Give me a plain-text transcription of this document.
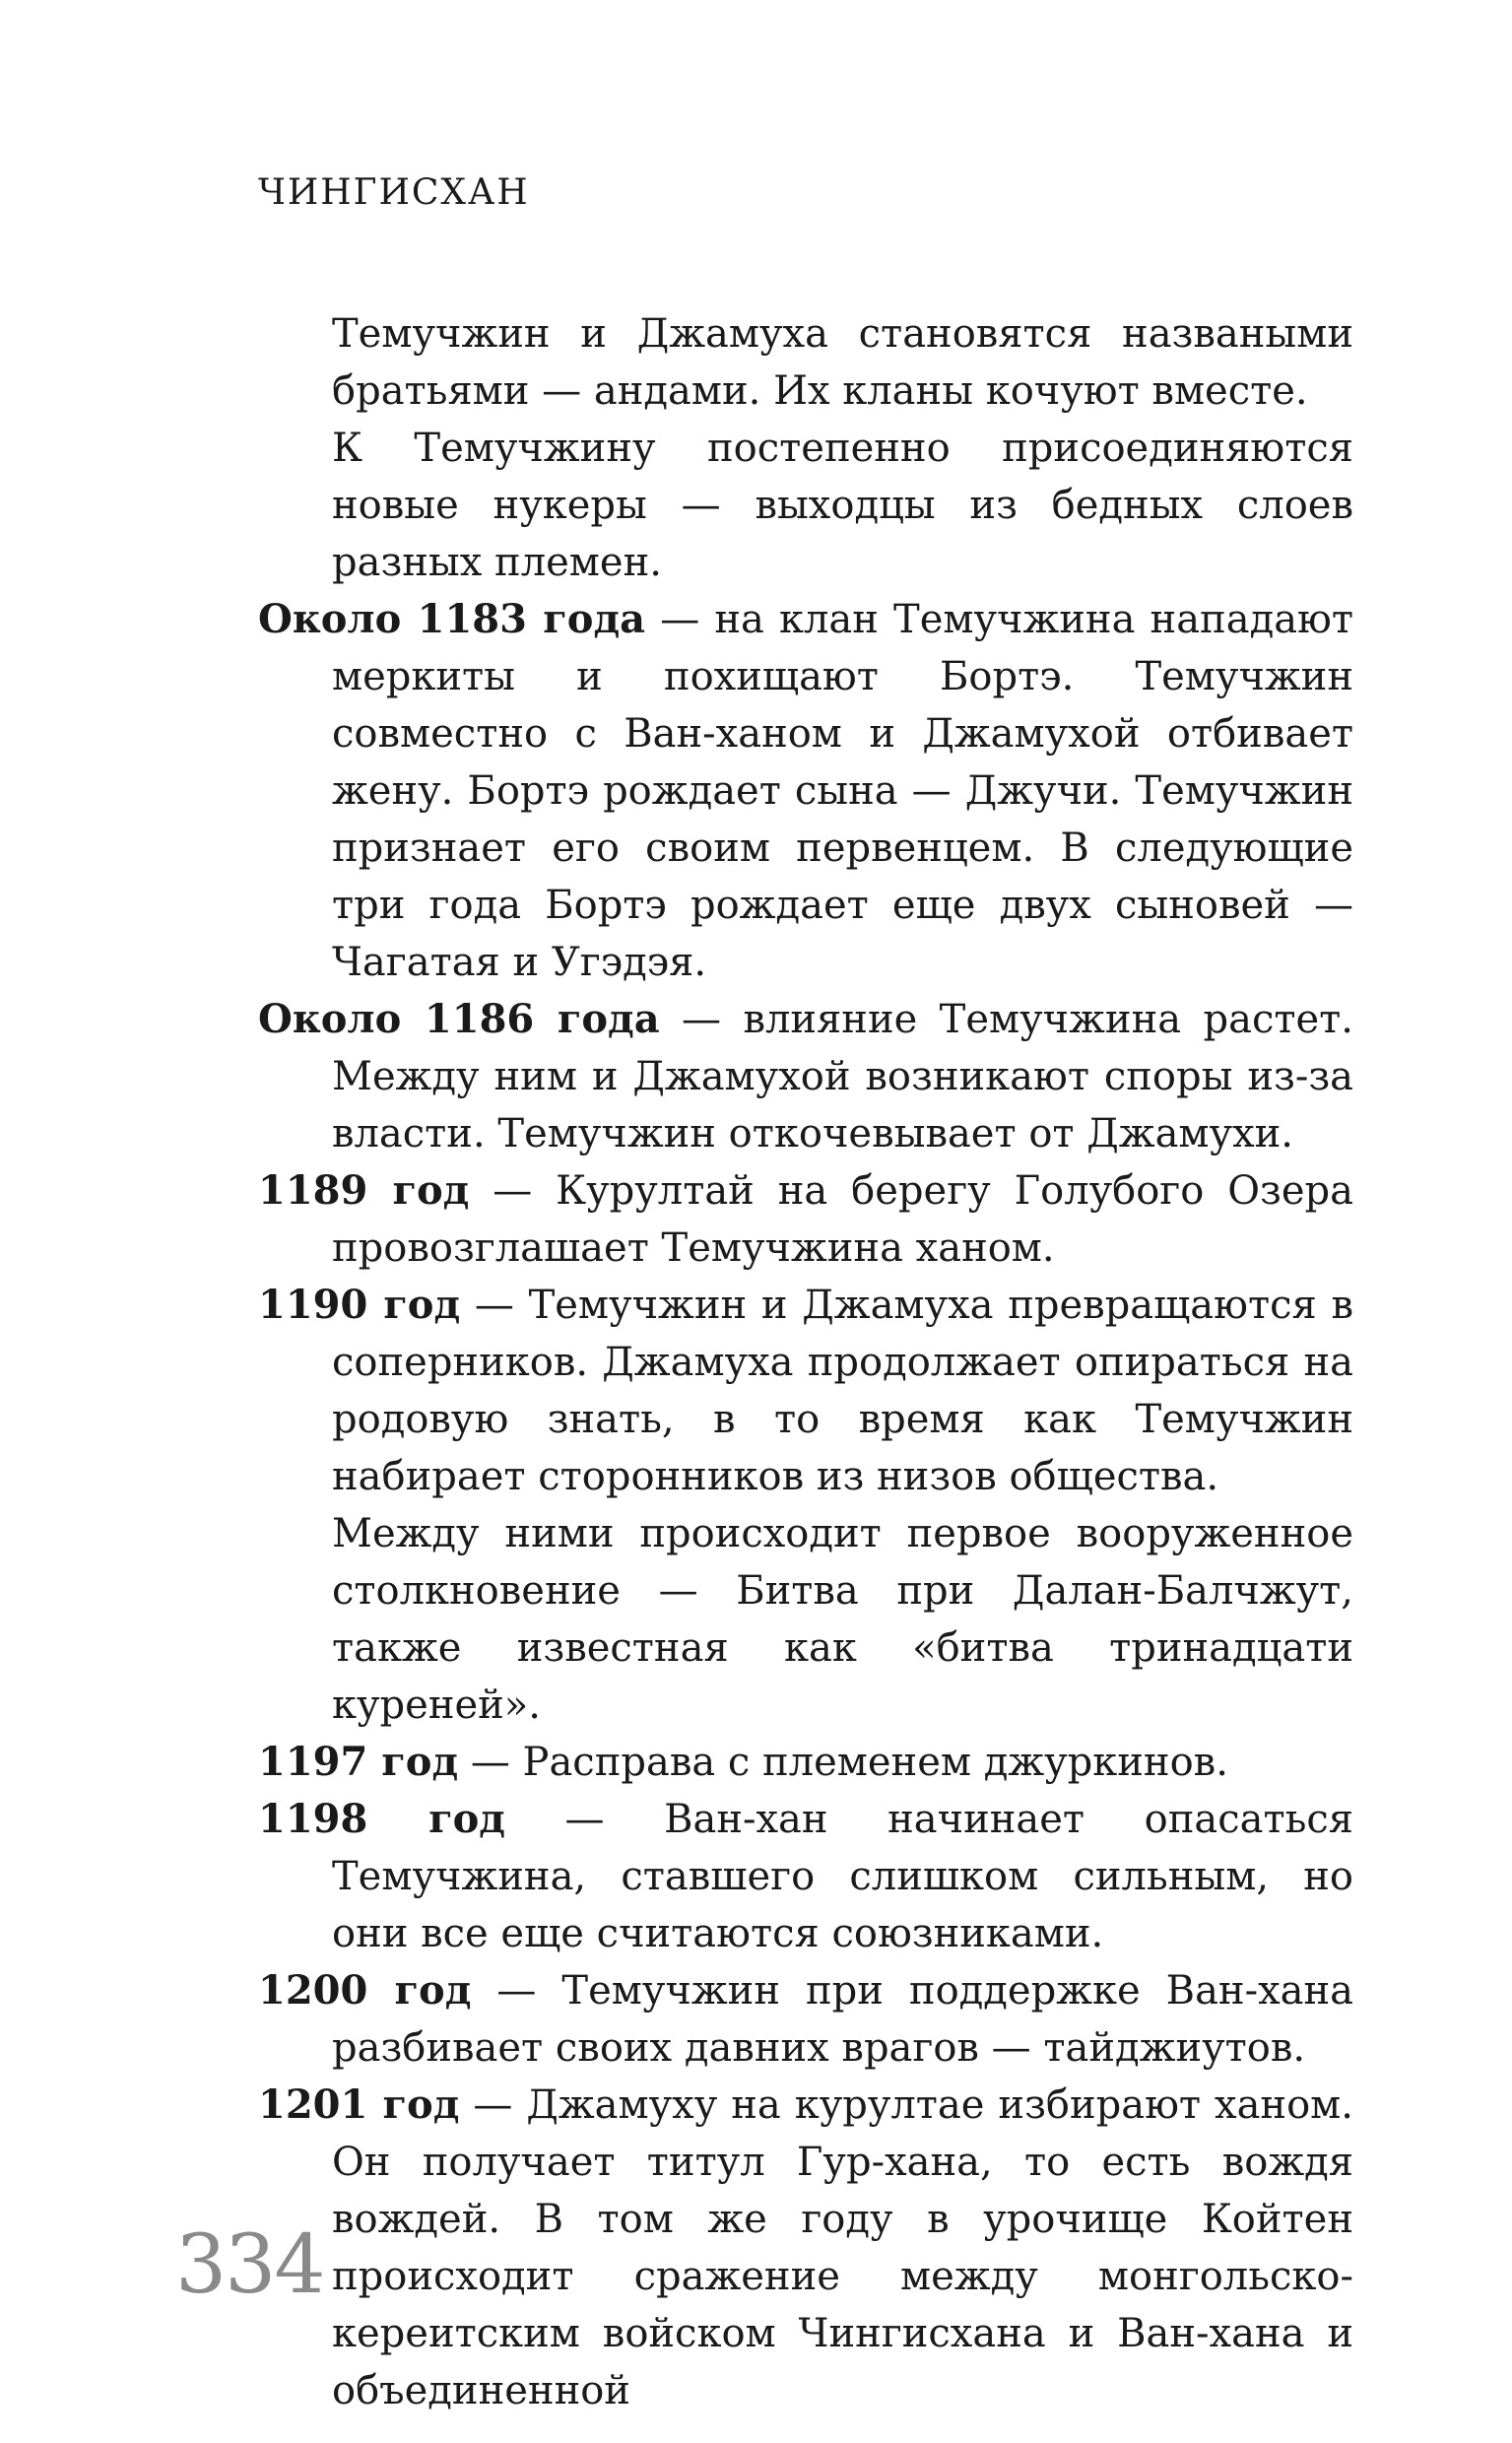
ЧИНГИСХАН

Темучжин и Джамуха становятся назваными братьями — андами. Их кланы кочуют вместе.

К Темучжину постепенно присоединяются новые нукеры — выходцы из бедных слоев разных племен.

Около 1183 года — на клан Темучжина нападают меркиты и похищают Бортэ. Темучжин совместно с Ван-ханом и Джамухой отбивает жену. Бортэ рождает сына — Джучи. Темучжин признает его своим первенцем. В следующие три года Бортэ рождает еще двух сыновей — Чагатая и Угэдэя.

Около 1186 года — влияние Темучжина растет. Между ним и Джамухой возникают споры из-за власти. Темучжин откочевывает от Джамухи.

1189 год — Курултай на берегу Голубого Озера провозглашает Темучжина ханом.

1190 год — Темучжин и Джамуха превращаются в соперников. Джамуха продолжает опираться на родовую знать, в то время как Темучжин набирает сторонников из низов общества.

Между ними происходит первое вооруженное столкновение — Битва при Далан-Балчжут, также известная как «битва тринадцати куреней».

1197 год — Расправа с племенем джуркинов.

1198 год — Ван-хан начинает опасаться Темучжина, ставшего слишком сильным, но они все еще считаются союзниками.

1200 год — Темучжин при поддержке Ван-хана разбивает своих давних врагов — тайджиутов.

1201 год — Джамуху на курултае избирают ханом. Он получает титул Гур-хана, то есть вождя вождей. В том же году в урочище Койтен происходит сражение между монгольско-кереитским войском Чингисхана и Ван-хана и объединенной

334
